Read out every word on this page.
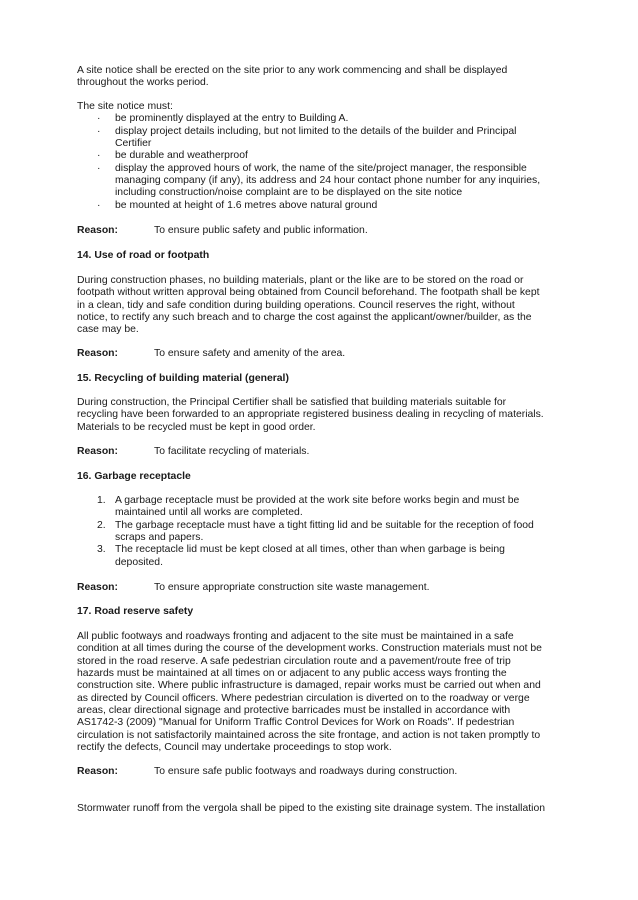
A site notice shall be erected on the site prior to any work commencing and shall be displayed
throughout the works period.
The site notice must:
· be prominently displayed at the entry to Building A.
· display project details including, but not limited to the details of the builder and Principal
Certifier
· be durable and weatherproof
· display the approved hours of work, the name of the site/project manager, the responsible
managing company (if any), its address and 24 hour contact phone number for any inquiries,
including construction/noise complaint are to be displayed on the site notice
· be mounted at height of 1.6 metres above natural ground
Reason:	To ensure public safety and public information.
14. Use of road or footpath
During construction phases, no building materials, plant or the like are to be stored on the road or
footpath without written approval being obtained from Council beforehand. The footpath shall be kept
in a clean, tidy and safe condition during building operations. Council reserves the right, without
notice, to rectify any such breach and to charge the cost against the applicant/owner/builder, as the
case may be.
Reason:	To ensure safety and amenity of the area.
15. Recycling of building material (general)
During construction, the Principal Certifier shall be satisfied that building materials suitable for
recycling have been forwarded to an appropriate registered business dealing in recycling of materials.
Materials to be recycled must be kept in good order.
Reason:	To facilitate recycling of materials.
16. Garbage receptacle
1. A garbage receptacle must be provided at the work site before works begin and must be
maintained until all works are completed.
2. The garbage receptacle must have a tight fitting lid and be suitable for the reception of food
scraps and papers.
3. The receptacle lid must be kept closed at all times, other than when garbage is being
deposited.
Reason:	To ensure appropriate construction site waste management.
17. Road reserve safety
All public footways and roadways fronting and adjacent to the site must be maintained in a safe
condition at all times during the course of the development works. Construction materials must not be
stored in the road reserve. A safe pedestrian circulation route and a pavement/route free of trip
hazards must be maintained at all times on or adjacent to any public access ways fronting the
construction site. Where public infrastructure is damaged, repair works must be carried out when and
as directed by Council officers. Where pedestrian circulation is diverted on to the roadway or verge
areas, clear directional signage and protective barricades must be installed in accordance with
AS1742-3 (2009) "Manual for Uniform Traffic Control Devices for Work on Roads". If pedestrian
circulation is not satisfactorily maintained across the site frontage, and action is not taken promptly to
rectify the defects, Council may undertake proceedings to stop work.
Reason:	To ensure safe public footways and roadways during construction.
Stormwater runoff from the vergola shall be piped to the existing site drainage system. The installation
